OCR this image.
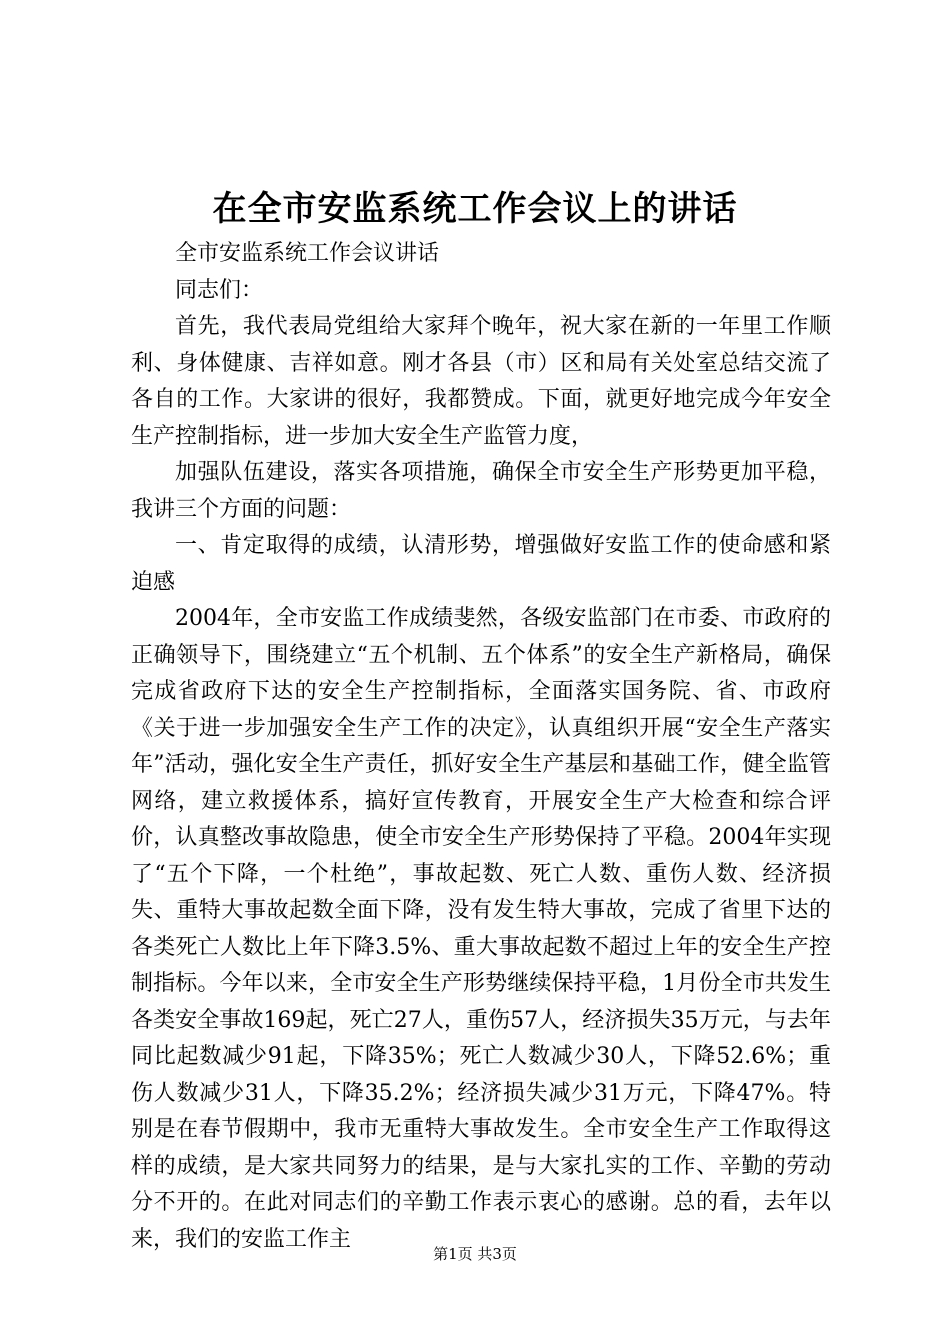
在全市安监系统工作会议上的讲话

全市安监系统工作会议讲话

同志们：

首先，我代表局党组给大家拜个晚年，祝大家在新的一年里工作顺利、身体健康、吉祥如意。刚才各县（市）区和局有关处室总结交流了各自的工作。大家讲的很好，我都赞成。下面，就更好地完成今年安全生产控制指标，进一步加大安全生产监管力度，

加强队伍建设，落实各项措施，确保全市安全生产形势更加平稳，我讲三个方面的问题：

一、肯定取得的成绩，认清形势，增强做好安监工作的使命感和紧迫感

2004年，全市安监工作成绩斐然，各级安监部门在市委、市政府的正确领导下，围绕建立“五个机制、五个体系”的安全生产新格局，确保完成省政府下达的安全生产控制指标，全面落实国务院、省、市政府《关于进一步加强安全生产工作的决定》，认真组织开展“安全生产落实年”活动，强化安全生产责任，抓好安全生产基层和基础工作，健全监管网络，建立救援体系，搞好宣传教育，开展安全生产大检查和综合评价，认真整改事故隐患，使全市安全生产形势保持了平稳。2004年实现了“五个下降，一个杜绝”，事故起数、死亡人数、重伤人数、经济损失、重特大事故起数全面下降，没有发生特大事故，完成了省里下达的各类死亡人数比上年下降3.5%、重大事故起数不超过上年的安全生产控制指标。今年以来，全市安全生产形势继续保持平稳，1月份全市共发生各类安全事故169起，死亡27人，重伤57人，经济损失35万元，与去年同比起数减少91起，下降35%；死亡人数减少30人，下降52.6%；重伤人数减少31人，下降35.2%；经济损失减少31万元，下降47%。特别是在春节假期中，我市无重特大事故发生。全市安全生产工作取得这样的成绩，是大家共同努力的结果，是与大家扎实的工作、辛勤的劳动分不开的。在此对同志们的辛勤工作表示衷心的感谢。总的看，去年以来，我们的安监工作主

第1页 共3页
